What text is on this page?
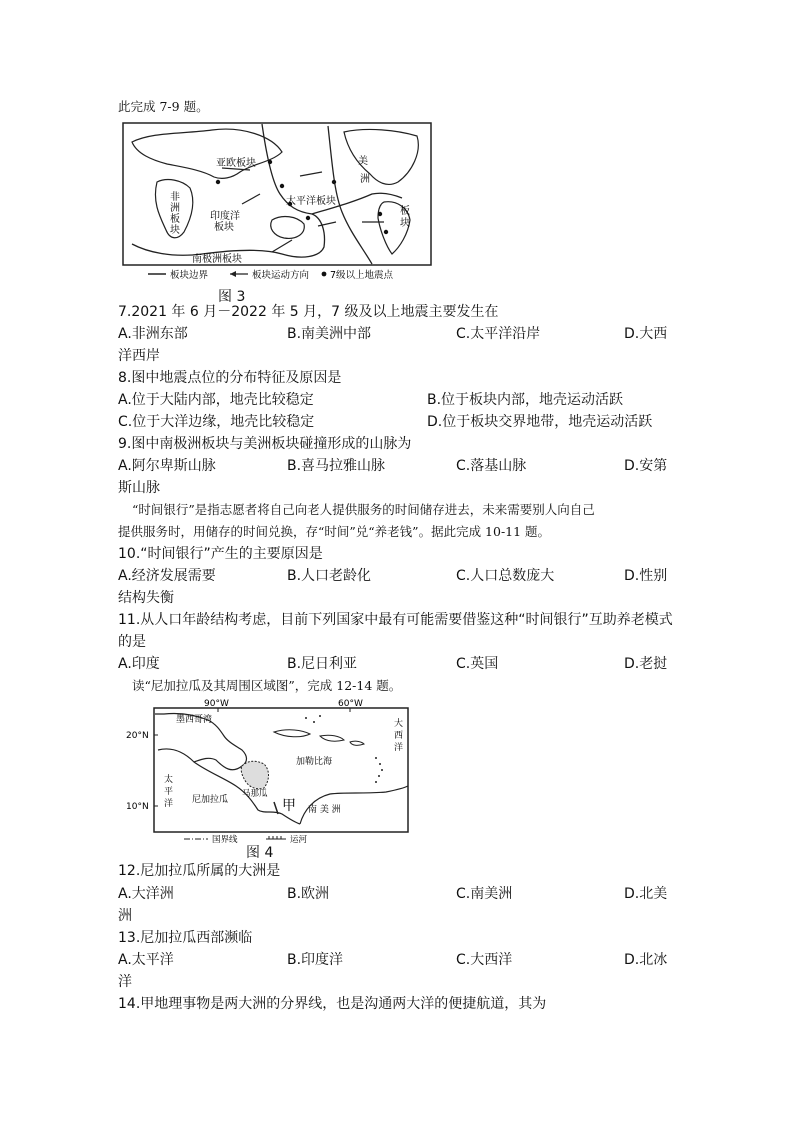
此完成 7-9 题。
亚欧板块
非
洲
板
块
印度洋
板块
太平洋板块
美
洲
板
块
南极洲板块
板块边界	板块运动方向 7级以上地震点
图 3
7.2021 年 6 月－2022 年 5 月，7 级及以上地震主要发生在
A.非洲东部	B.南美洲中部	C.太平洋沿岸	D.大西
洋西岸
8.图中地震点位的分布特征及原因是
A.位于大陆内部，地壳比较稳定	B.位于板块内部，地壳运动活跃
C.位于大洋边缘，地壳比较稳定	D.位于板块交界地带，地壳运动活跃
9.图中南极洲板块与美洲板块碰撞形成的山脉为
A.阿尔卑斯山脉	B.喜马拉雅山脉	C.落基山脉	D.安第
斯山脉
“时间银行”是指志愿者将自己向老人提供服务的时间储存进去，未来需要别人向自己
提供服务时，用储存的时间兑换，存“时间”兑“养老钱”。据此完成 10-11 题。
10.“时间银行”产生的主要原因是
A.经济发展需要	B.人口老龄化	C.人口总数庞大	D.性别
结构失衡
11.从人口年龄结构考虑，目前下列国家中最有可能需要借鉴这种“时间银行”互助养老模式
的是
A.印度	B.尼日利亚	C.英国	D.老挝
读“尼加拉瓜及其周围区域图”，完成 12-14 题。
90°W	60°W
20°N
10°N
墨西哥湾
加勒比海
大
西
洋
太
平
洋 尼加拉瓜
马那瓜
甲 南 美 洲
国界线	运河
图 4
12.尼加拉瓜所属的大洲是
A.大洋洲	B.欧洲	C.南美洲	D.北美
洲
13.尼加拉瓜西部濒临
A.太平洋	B.印度洋	C.大西洋	D.北冰
洋
14.甲地理事物是两大洲的分界线，也是沟通两大洋的便捷航道，其为
